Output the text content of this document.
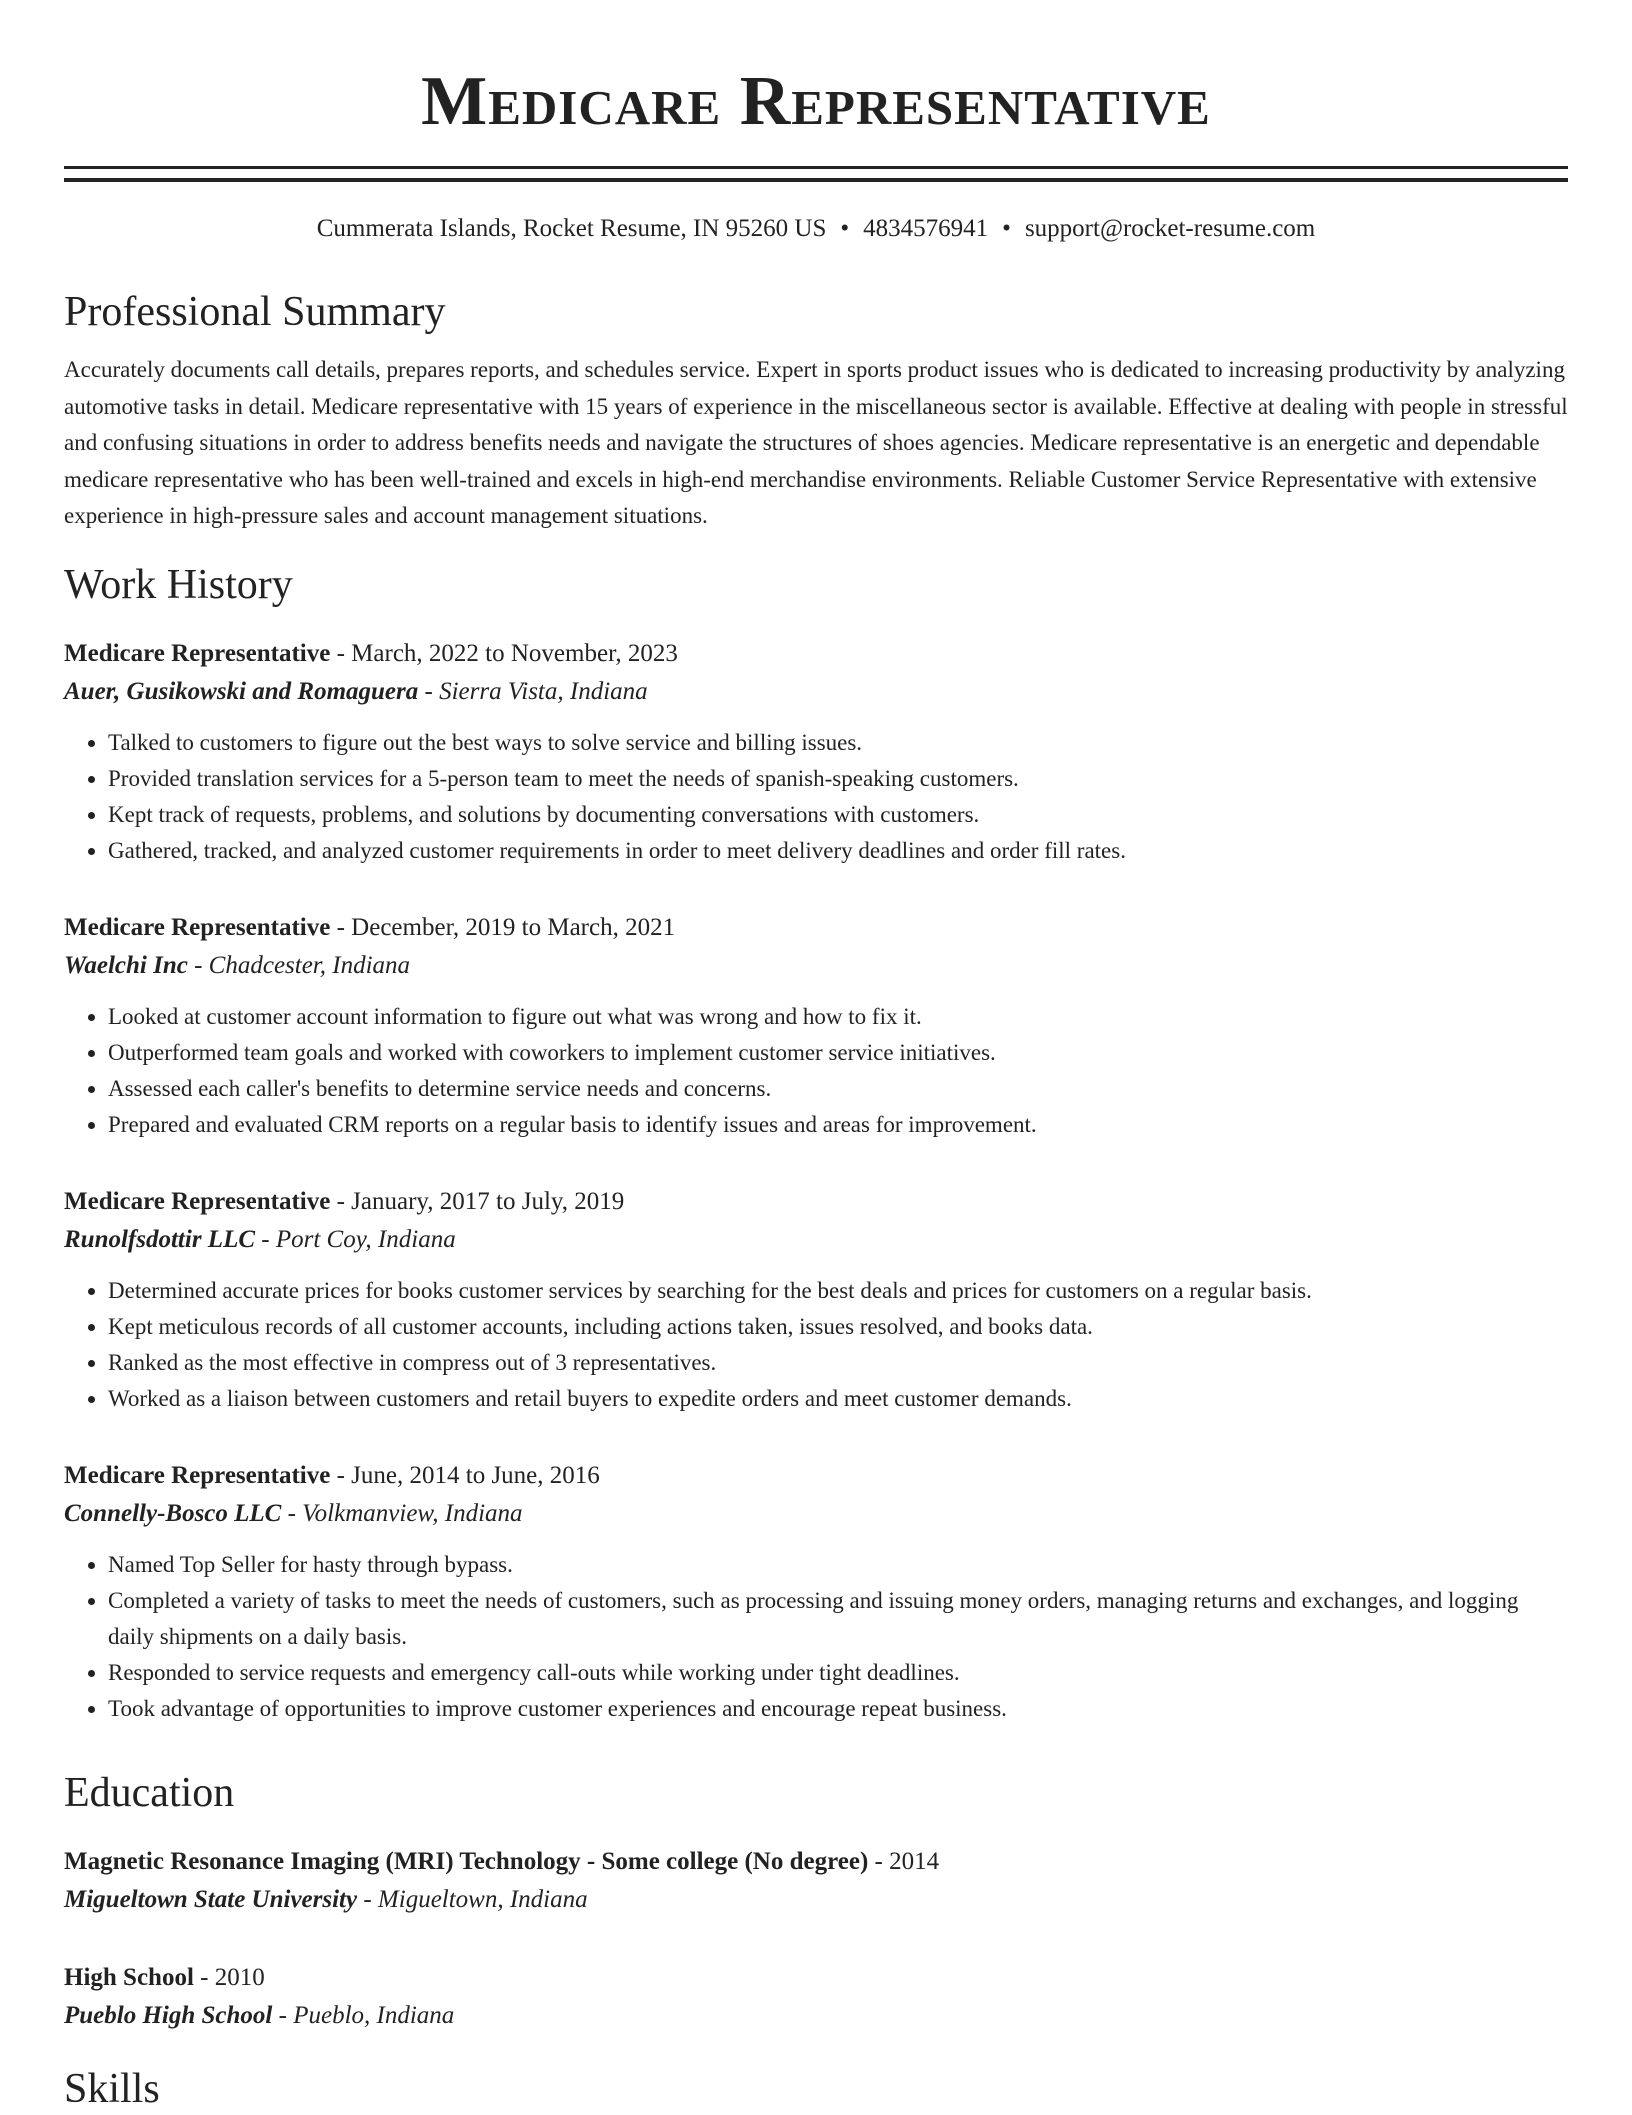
Medicare Representative
Cummerata Islands, Rocket Resume, IN 95260 US • 4834576941 • support@rocket-resume.com
Professional Summary

Accurately documents call details, prepares reports, and schedules service. Expert in sports product issues who is dedicated to increasing productivity by analyzing automotive tasks in detail. Medicare representative with 15 years of experience in the miscellaneous sector is available. Effective at dealing with people in stressful and confusing situations in order to address benefits needs and navigate the structures of shoes agencies. Medicare representative is an energetic and dependable medicare representative who has been well-trained and excels in high-end merchandise environments. Reliable Customer Service Representative with extensive experience in high-pressure sales and account management situations.

Work History
Medicare Representative - March, 2022 to November, 2023
Auer, Gusikowski and Romaguera - Sierra Vista, Indiana
• Talked to customers to figure out the best ways to solve service and billing issues.
• Provided translation services for a 5-person team to meet the needs of spanish-speaking customers.
• Kept track of requests, problems, and solutions by documenting conversations with customers.
• Gathered, tracked, and analyzed customer requirements in order to meet delivery deadlines and order fill rates.
Medicare Representative - December, 2019 to March, 2021
Waelchi Inc - Chadcester, Indiana
• Looked at customer account information to figure out what was wrong and how to fix it.
• Outperformed team goals and worked with coworkers to implement customer service initiatives.
• Assessed each caller's benefits to determine service needs and concerns.
• Prepared and evaluated CRM reports on a regular basis to identify issues and areas for improvement.
Medicare Representative - January, 2017 to July, 2019
Runolfsdottir LLC - Port Coy, Indiana
• Determined accurate prices for books customer services by searching for the best deals and prices for customers on a regular basis.
• Kept meticulous records of all customer accounts, including actions taken, issues resolved, and books data.
• Ranked as the most effective in compress out of 3 representatives.
• Worked as a liaison between customers and retail buyers to expedite orders and meet customer demands.
Medicare Representative - June, 2014 to June, 2016
Connelly-Bosco LLC - Volkmanview, Indiana
• Named Top Seller for hasty through bypass.
• Completed a variety of tasks to meet the needs of customers, such as processing and issuing money orders, managing returns and exchanges, and logging daily shipments on a daily basis.
• Responded to service requests and emergency call-outs while working under tight deadlines.
• Took advantage of opportunities to improve customer experiences and encourage repeat business.
Education
Magnetic Resonance Imaging (MRI) Technology - Some college (No degree) - 2014
Migueltown State University - Migueltown, Indiana
High School - 2010
Pueblo High School - Pueblo, Indiana
Skills
